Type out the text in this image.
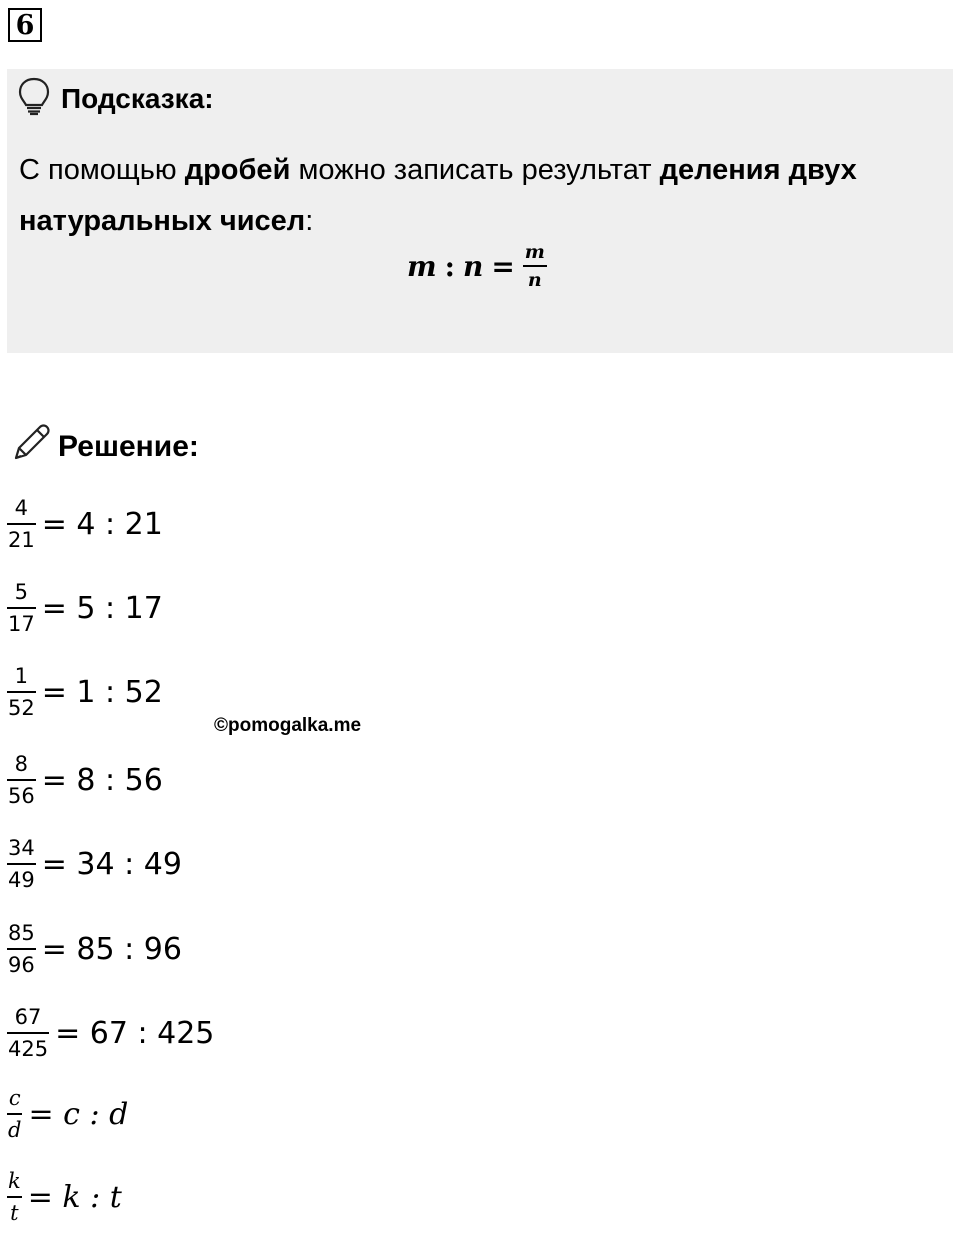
6
Подсказка:

С помощью дробей можно записать результат деления двух натуральных чисел:

m : n = m
n
Решение:
$\frac{4}{21} = 4$ : 21
$\frac{5}{17} = 5$ : 17
$\frac{1}{52} = 1$ : 52
$\frac{8}{56} = 8$ : 56
$\frac{34}{49} = 34$ : 49
$\frac{85}{96} = 85$ : 96
$\frac{67}{425} = 67$ : 425
$\frac{c}{d} = c$ : d
$\frac{k}{t} = k$ : t
©pomogalka.me
